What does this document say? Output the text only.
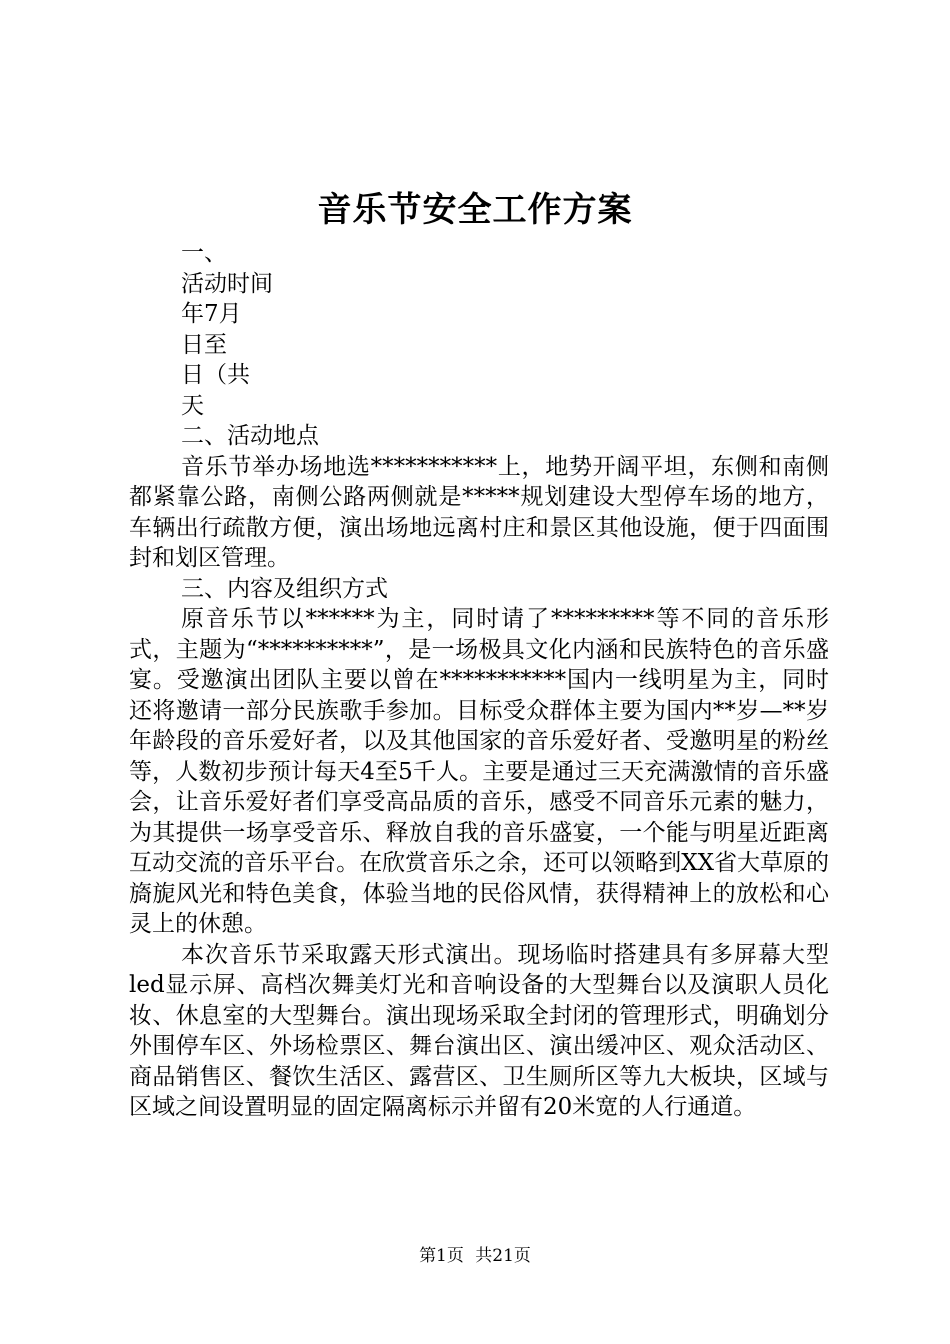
音乐节安全工作方案

一、

活动时间

年7月

日至

日（共

天

二、活动地点

音乐节举办场地选***********上，地势开阔平坦，东侧和南侧都紧靠公路，南侧公路两侧就是*****规划建设大型停车场的地方，车辆出行疏散方便，演出场地远离村庄和景区其他设施，便于四面围封和划区管理。

三、内容及组织方式

原音乐节以******为主，同时请了*********等不同的音乐形式，主题为“**********”，是一场极具文化内涵和民族特色的音乐盛宴。受邀演出团队主要以曾在***********国内一线明星为主，同时还将邀请一部分民族歌手参加。目标受众群体主要为国内**岁—**岁年龄段的音乐爱好者，以及其他国家的音乐爱好者、受邀明星的粉丝等，人数初步预计每天4至5千人。主要是通过三天充满激情的音乐盛会，让音乐爱好者们享受高品质的音乐，感受不同音乐元素的魅力，为其提供一场享受音乐、释放自我的音乐盛宴，一个能与明星近距离互动交流的音乐平台。在欣赏音乐之余，还可以领略到XX省大草原的旖旎风光和特色美食，体验当地的民俗风情，获得精神上的放松和心灵上的休憩。

本次音乐节采取露天形式演出。现场临时搭建具有多屏幕大型led显示屏、高档次舞美灯光和音响设备的大型舞台以及演职人员化妆、休息室的大型舞台。演出现场采取全封闭的管理形式，明确划分外围停车区、外场检票区、舞台演出区、演出缓冲区、观众活动区、商品销售区、餐饮生活区、露营区、卫生厕所区等九大板块，区域与区域之间设置明显的固定隔离标示并留有20米宽的人行通道。

第1页 共21页
